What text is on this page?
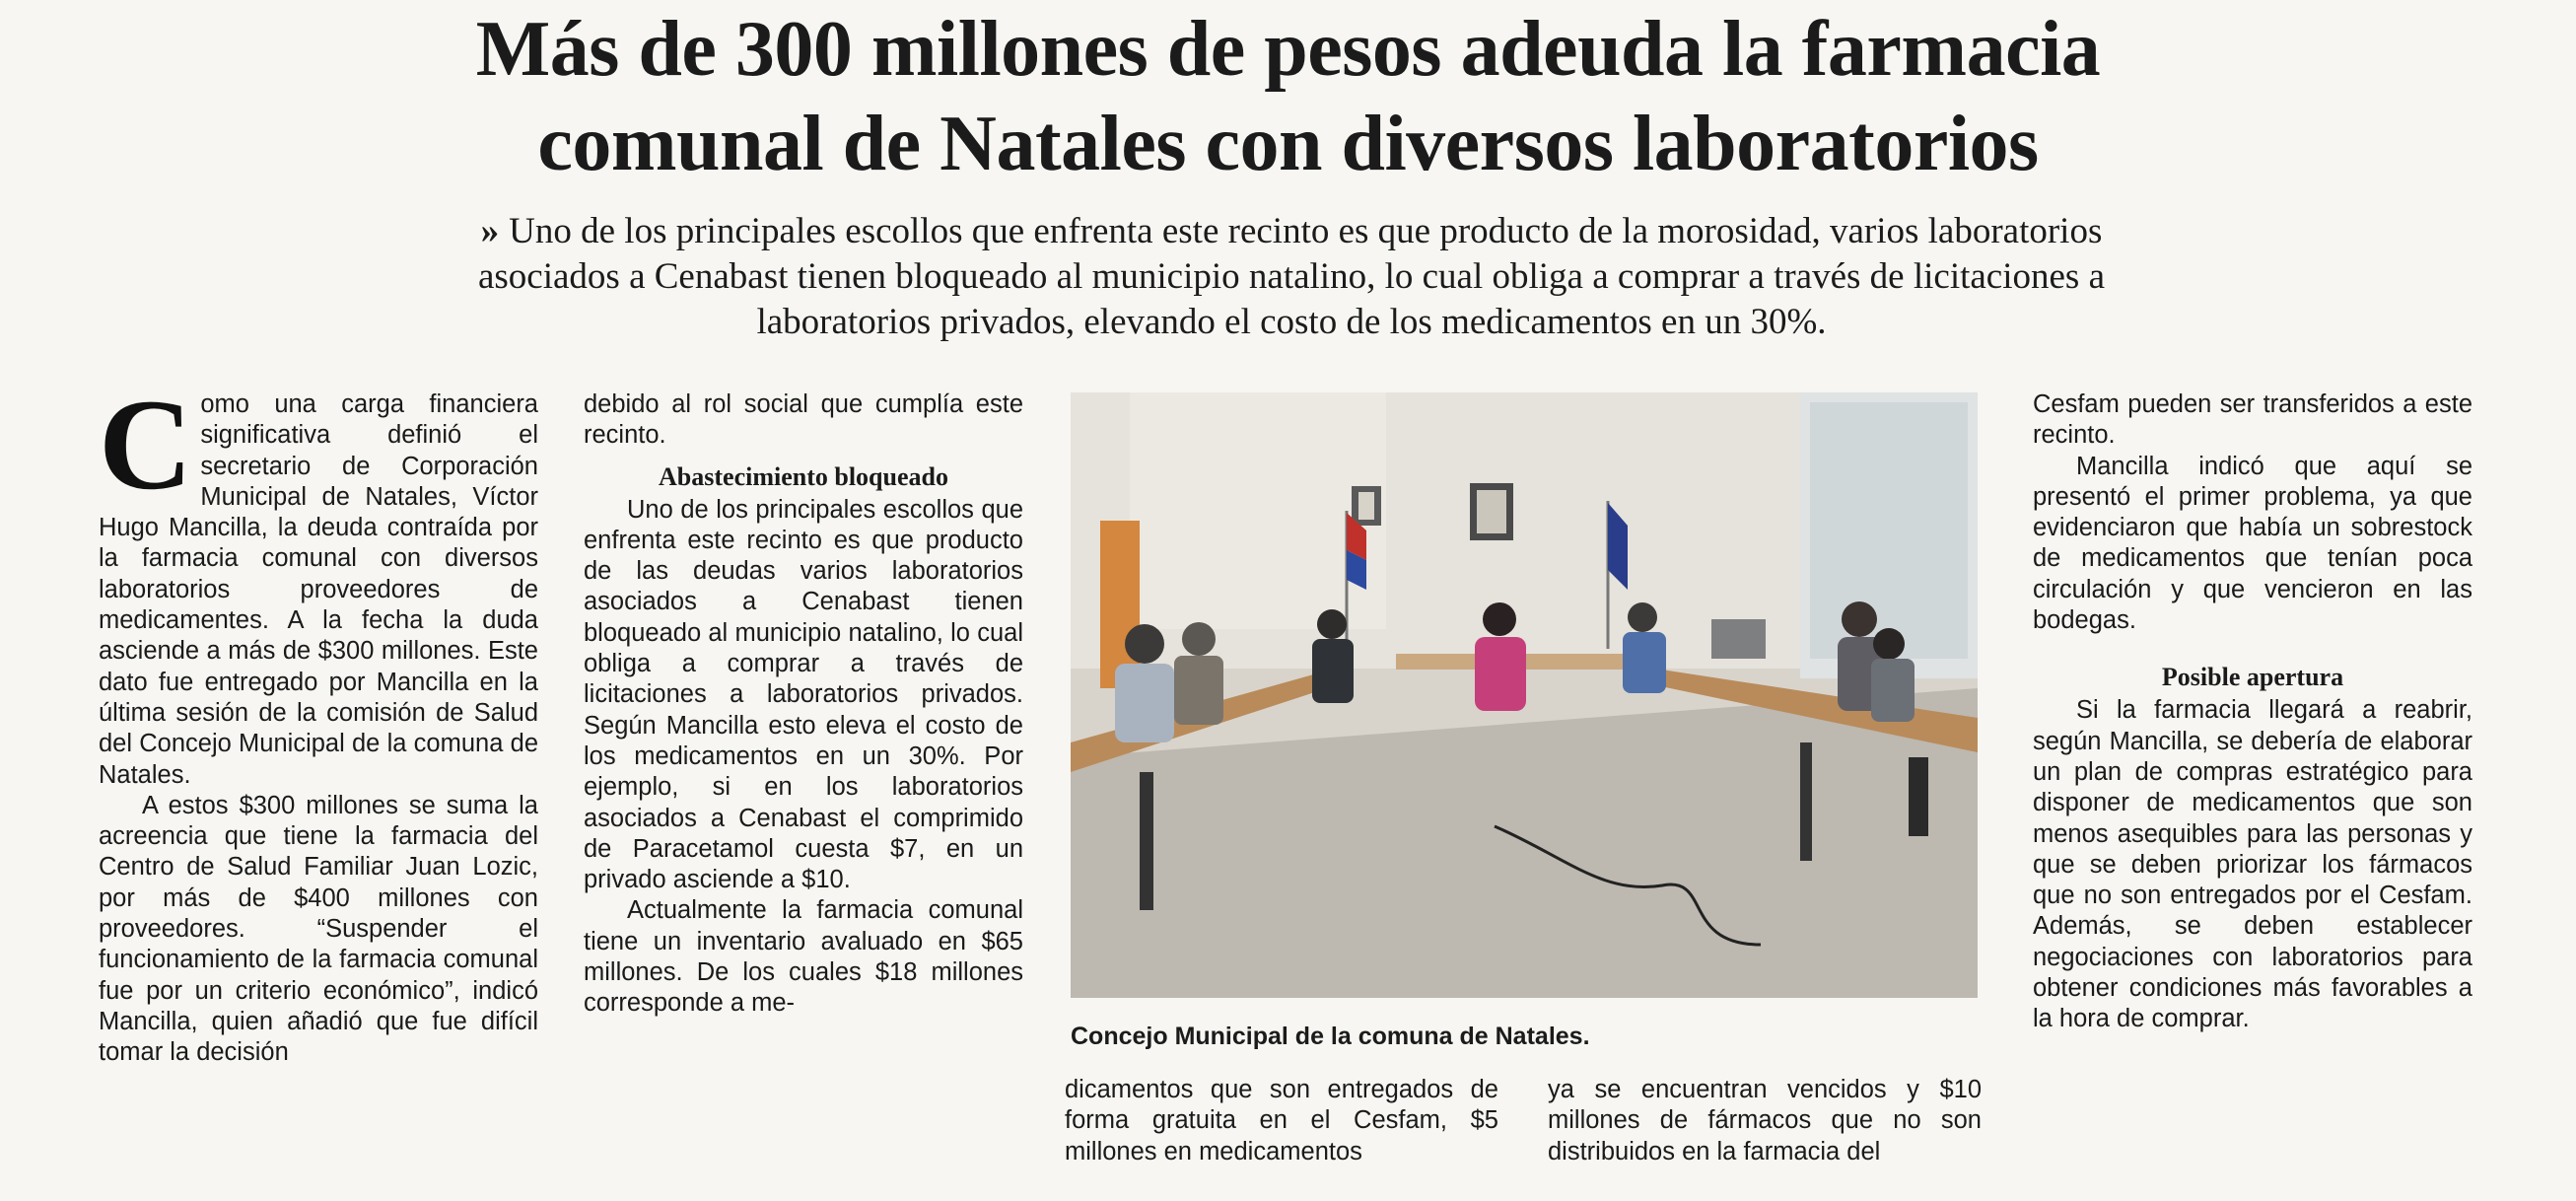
Más de 300 millones de pesos adeuda la farmacia
comunal de Natales con diversos laboratorios
» Uno de los principales escollos que enfrenta este recinto es que producto de la morosidad, varios laboratorios asociados a Cenabast tienen bloqueado al municipio natalino, lo cual obliga a comprar a través de licitaciones a laboratorios privados, elevando el costo de los medicamentos en un 30%.

Como una carga financiera significativa definió el secretario de Corporación Municipal de Natales, Víctor Hugo Mancilla, la deuda contraída por la farmacia comunal con diversos laboratorios proveedores de medicamentes. A la fecha la duda asciende a más de $300 millones. Este dato fue entregado por Mancilla en la última sesión de la comisión de Salud del Concejo Municipal de la comuna de Natales.

A estos $300 millones se suma la acreencia que tiene la farmacia del Centro de Salud Familiar Juan Lozic, por más de $400 millones con proveedores. “Suspender el funcionamiento de la farmacia comunal fue por un criterio económico”, indicó Mancilla, quien añadió que fue difícil tomar la decisión

debido al rol social que cumplía este recinto.

Abastecimiento bloqueado

Uno de los principales escollos que enfrenta este recinto es que producto de las deudas varios laboratorios asociados a Cenabast tienen bloqueado al municipio natalino, lo cual obliga a comprar a través de licitaciones a laboratorios privados. Según Mancilla esto eleva el costo de los medicamentos en un 30%. Por ejemplo, si en los laboratorios asociados a Cenabast el comprimido de Paracetamol cuesta $7, en un privado asciende a $10.

Actualmente la farmacia comunal tiene un inventario avaluado en $65 millones. De los cuales $18 millones corresponde a me-

Concejo Municipal de la comuna de Natales.

dicamentos que son entregados de forma gratuita en el Cesfam, $5 millones en medicamentos

ya se encuentran vencidos y $10 millones de fármacos que no son distribuidos en la farmacia del

Cesfam pueden ser transferidos a este recinto.

Mancilla indicó que aquí se presentó el primer problema, ya que evidenciaron que había un sobrestock de medicamentos que tenían poca circulación y que vencieron en las bodegas.

Posible apertura

Si la farmacia llegará a reabrir, según Mancilla, se debería de elaborar un plan de compras estratégico para disponer de medicamentos que son menos asequibles para las personas y que se deben priorizar los fármacos que no son entregados por el Cesfam. Además, se deben establecer negociaciones con laboratorios para obtener condiciones más favorables a la hora de comprar.
